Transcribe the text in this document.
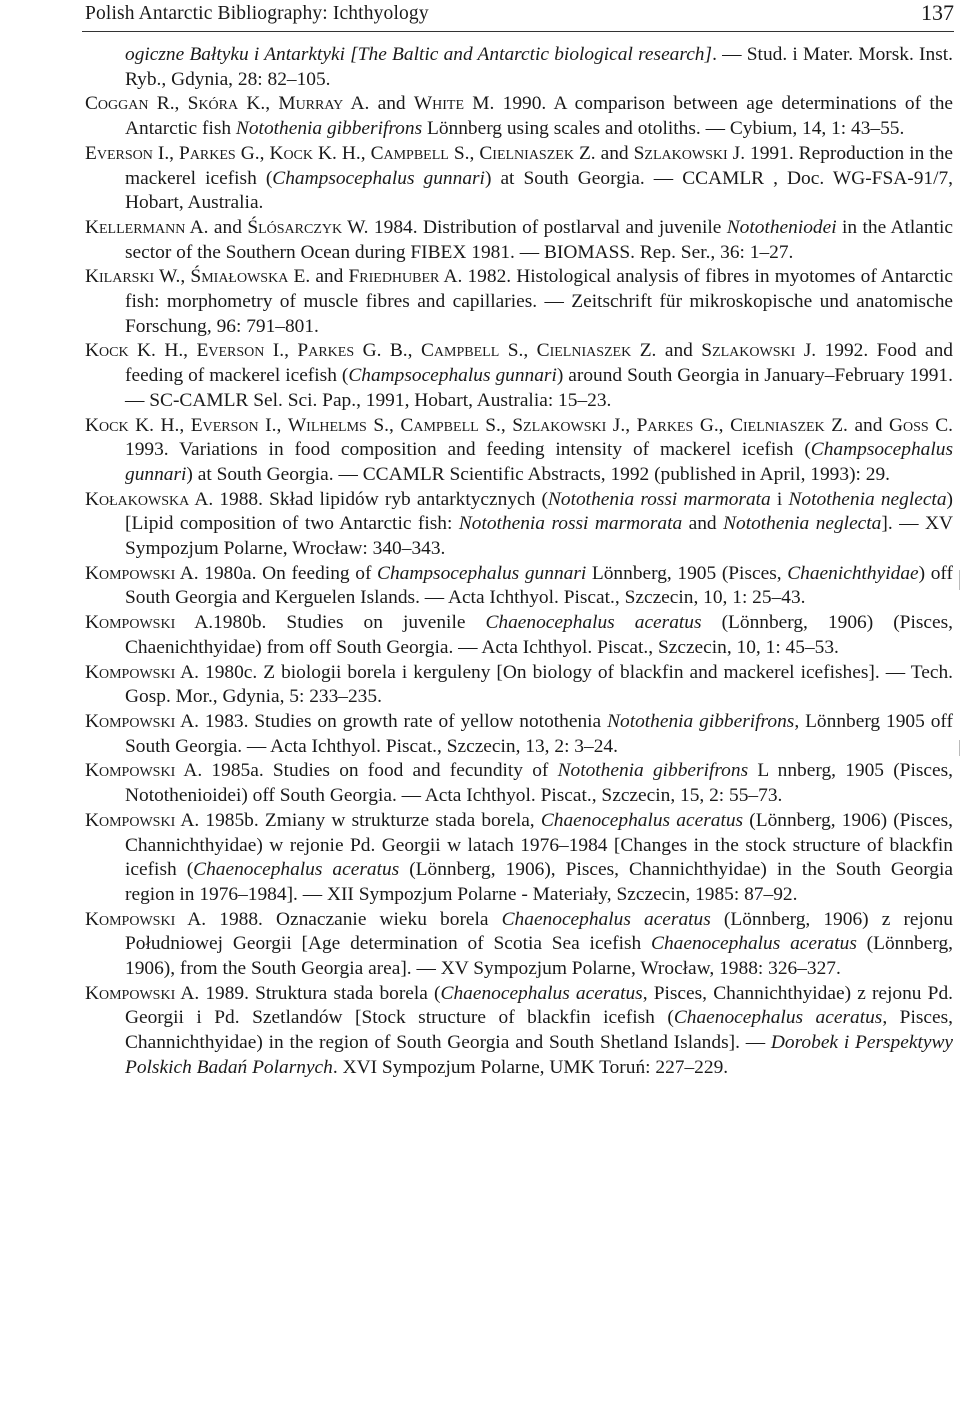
Polish Antarctic Bibliography: Ichthyology	137

ogiczne Bałtyku i Antarktyki [The Baltic and Antarctic biological research]. — Stud. i Mater. Morsk. Inst. Ryb., Gdynia, 28: 82–105.

Coggan R., Skóra K., Murray A. and White M. 1990. A comparison between age determinations of the Antarctic fish Notothenia gibberifrons Lönnberg using scales and otoliths. — Cybium, 14, 1: 43–55.

Everson I., Parkes G., Kock K. H., Campbell S., Cielniaszek Z. and Szlakowski J. 1991. Reproduction in the mackerel icefish (Champsocephalus gunnari) at South Georgia. — CCAMLR , Doc. WG-FSA-91/7, Hobart, Australia.

Kellermann A. and Ślósarczyk W. 1984. Distribution of postlarval and juvenile Nototheniodei in the Atlantic sector of the Southern Ocean during FIBEX 1981. — BIOMASS. Rep. Ser., 36: 1–27.

Kilarski W., Śmiałowska E. and Friedhuber A. 1982. Histological analysis of fibres in myotomes of Antarctic fish: morphometry of muscle fibres and capillaries. — Zeitschrift für mikroskopische und anatomische Forschung, 96: 791–801.

Kock K. H., Everson I., Parkes G. B., Campbell S., Cielniaszek Z. and Szlakowski J. 1992. Food and feeding of mackerel icefish (Champsocephalus gunnari) around South Georgia in January–February 1991. — SC-CAMLR Sel. Sci. Pap., 1991, Hobart, Australia: 15–23.

Kock K. H., Everson I., Wilhelms S., Campbell S., Szlakowski J., Parkes G., Cielniaszek Z. and Goss C. 1993. Variations in food composition and feeding intensity of mackerel icefish (Champsocephalus gunnari) at South Georgia. — CCAMLR Scientific Abstracts, 1992 (published in April, 1993): 29.

Kołakowska A. 1988. Skład lipidów ryb antarktycznych (Notothenia rossi marmorata i Notothenia neglecta) [Lipid composition of two Antarctic fish: Notothenia rossi marmorata and Notothenia neglecta]. — XV Sympozjum Polarne, Wrocław: 340–343.

Kompowski A. 1980a. On feeding of Champsocephalus gunnari Lönnberg, 1905 (Pisces, Chaenichthyidae) off South Georgia and Kerguelen Islands. — Acta Ichthyol. Piscat., Szczecin, 10, 1: 25–43.

Kompowski A.1980b. Studies on juvenile Chaenocephalus aceratus (Lönnberg, 1906) (Pisces, Chaenichthyidae) from off South Georgia. — Acta Ichthyol. Piscat., Szczecin, 10, 1: 45–53.

Kompowski A. 1980c. Z biologii borela i kerguleny [On biology of blackfin and mackerel icefishes]. — Tech. Gosp. Mor., Gdynia, 5: 233–235.

Kompowski A. 1983. Studies on growth rate of yellow notothenia Notothenia gibberifrons, Lönnberg 1905 off South Georgia. — Acta Ichthyol. Piscat., Szczecin, 13, 2: 3–24.

Kompowski A. 1985a. Studies on food and fecundity of Notothenia gibberifrons L nnberg, 1905 (Pisces, Notothenioidei) off South Georgia. — Acta Ichthyol. Piscat., Szczecin, 15, 2: 55–73.

Kompowski A. 1985b. Zmiany w strukturze stada borela, Chaenocephalus aceratus (Lönnberg, 1906) (Pisces, Channichthyidae) w rejonie Pd. Georgii w latach 1976–1984 [Changes in the stock structure of blackfin icefish (Chaenocephalus aceratus (Lönnberg, 1906), Pisces, Channichthyidae) in the South Georgia region in 1976–1984]. — XII Sympozjum Polarne - Materiały, Szczecin, 1985: 87–92.

Kompowski A. 1988. Oznaczanie wieku borela Chaenocephalus aceratus (Lönnberg, 1906) z rejonu Południowej Georgii [Age determination of Scotia Sea icefish Chaenocephalus aceratus (Lönnberg, 1906), from the South Georgia area]. — XV Sympozjum Polarne, Wrocław, 1988: 326–327.

Kompowski A. 1989. Struktura stada borela (Chaenocephalus aceratus, Pisces, Channichthyidae) z rejonu Pd. Georgii i Pd. Szetlandów [Stock structure of blackfin icefish (Chaenocephalus aceratus, Pisces, Channichthyidae) in the region of South Georgia and South Shetland Islands]. — Dorobek i Perspektywy Polskich Badań Polarnych. XVI Sympozjum Polarne, UMK Toruń: 227–229.
